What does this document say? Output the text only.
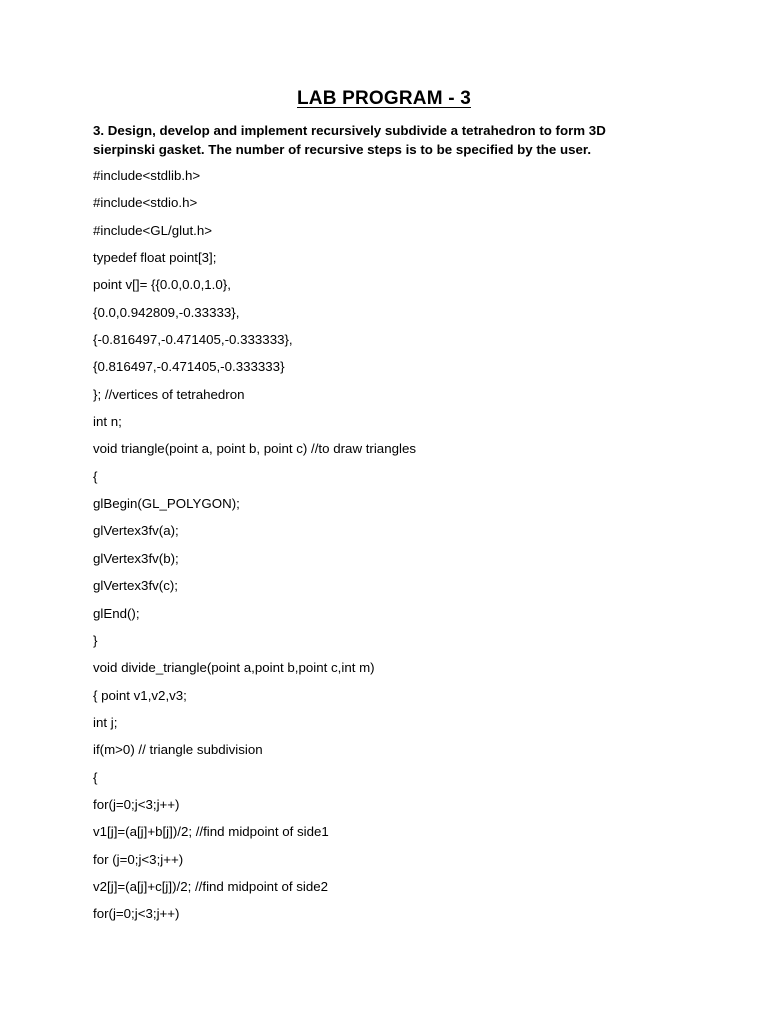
LAB PROGRAM - 3
3. Design, develop and implement recursively subdivide a tetrahedron to form 3D sierpinski gasket. The number of recursive steps is to be specified by the user.
#include<stdlib.h>
#include<stdio.h>
#include<GL/glut.h>
typedef float point[3];
point v[]= {{0.0,0.0,1.0},
{0.0,0.942809,-0.33333},
{-0.816497,-0.471405,-0.333333},
{0.816497,-0.471405,-0.333333}
}; //vertices of tetrahedron
int n;
void triangle(point a, point b, point c) //to draw triangles
{
glBegin(GL_POLYGON);
glVertex3fv(a);
glVertex3fv(b);
glVertex3fv(c);
glEnd();
}
void divide_triangle(point a,point b,point c,int m)
{ point v1,v2,v3;
int j;
if(m>0) // triangle subdivision
{
for(j=0;j<3;j++)
v1[j]=(a[j]+b[j])/2; //find midpoint of side1
for (j=0;j<3;j++)
v2[j]=(a[j]+c[j])/2; //find midpoint of side2
for(j=0;j<3;j++)
